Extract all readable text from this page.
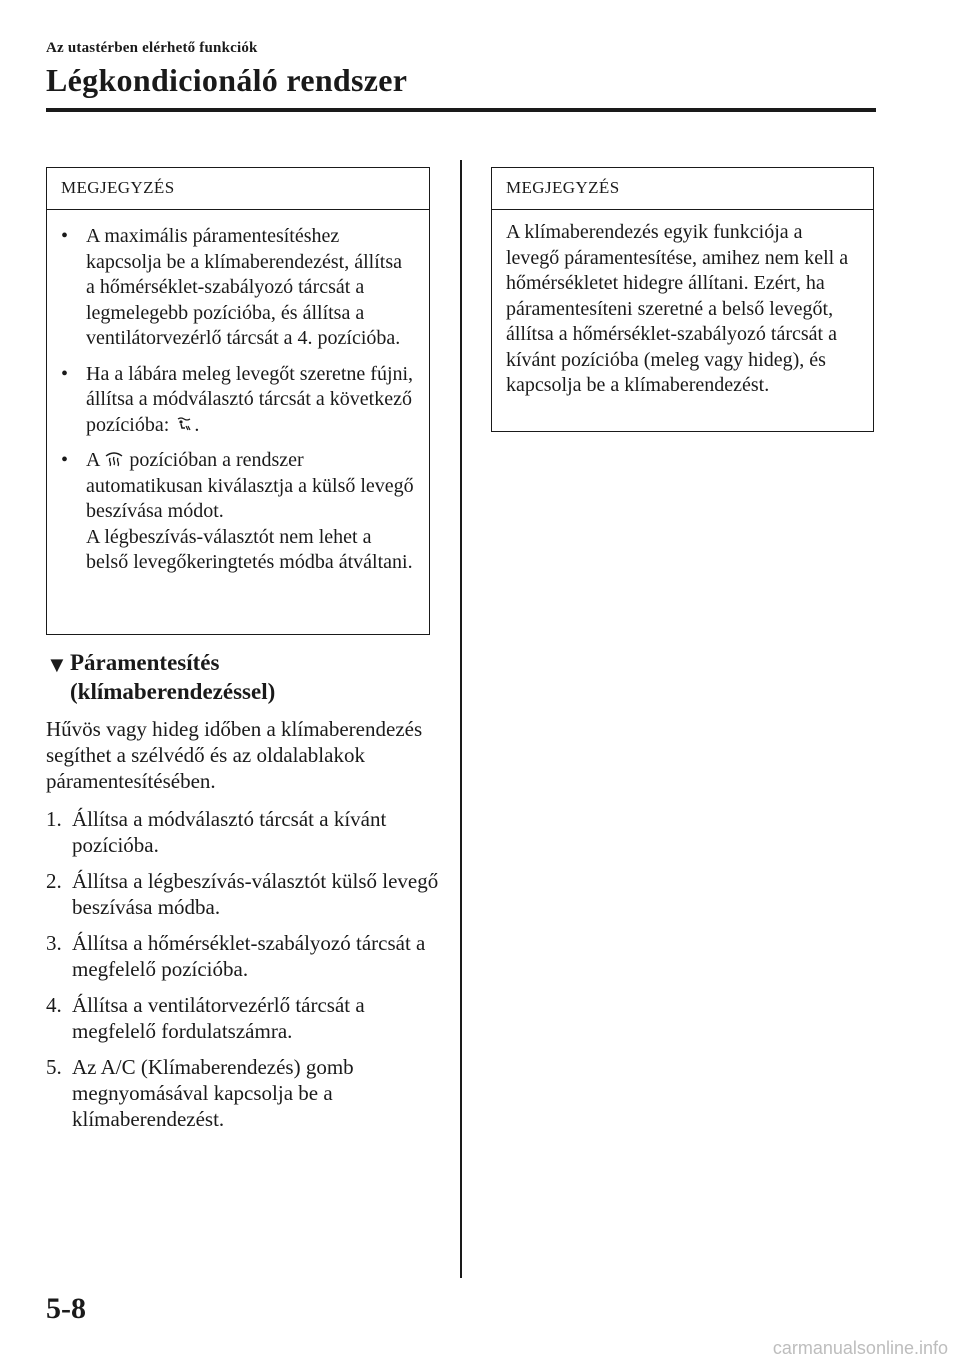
Az utastérben elérhető funkciók
Légkondicionáló rendszer
MEGJEGYZÉS
• A maximális páramentesítéshez kapcsolja be a klímaberendezést, állítsa a hőmérséklet-szabályozó tárcsát a legmelegebb pozícióba, és állítsa a ventilátorvezérlő tárcsát a 4. pozícióba.
• Ha a lábára meleg levegőt szeretne fújni, állítsa a módválasztó tárcsát a következő pozícióba:
.
• A
pozícióban a rendszer automatikusan kiválasztja a külső levegő beszívása módot.
A légbeszívás-választót nem lehet a belső levegőkeringtetés módba átváltani.
▼ Páramentesítés
(klímaberendezéssel)
Hűvös vagy hideg időben a klímaberendezés segíthet a szélvédő és az oldalablakok páramentesítésében.
1. Állítsa a módválasztó tárcsát a kívánt pozícióba.
2. Állítsa a légbeszívás-választót külső levegő beszívása módba.
3. Állítsa a hőmérséklet-szabályozó tárcsát a megfelelő pozícióba.
4. Állítsa a ventilátorvezérlő tárcsát a megfelelő fordulatszámra.
5. Az A/C (Klímaberendezés) gomb megnyomásával kapcsolja be a klímaberendezést.
MEGJEGYZÉS
A klímaberendezés egyik funkciója a levegő páramentesítése, amihez nem kell a hőmérsékletet hidegre állítani. Ezért, ha páramentesíteni szeretné a belső levegőt, állítsa a hőmérséklet-szabályozó tárcsát a kívánt pozícióba (meleg vagy hideg), és kapcsolja be a klímaberendezést.
5-8
carmanualsonline.info
